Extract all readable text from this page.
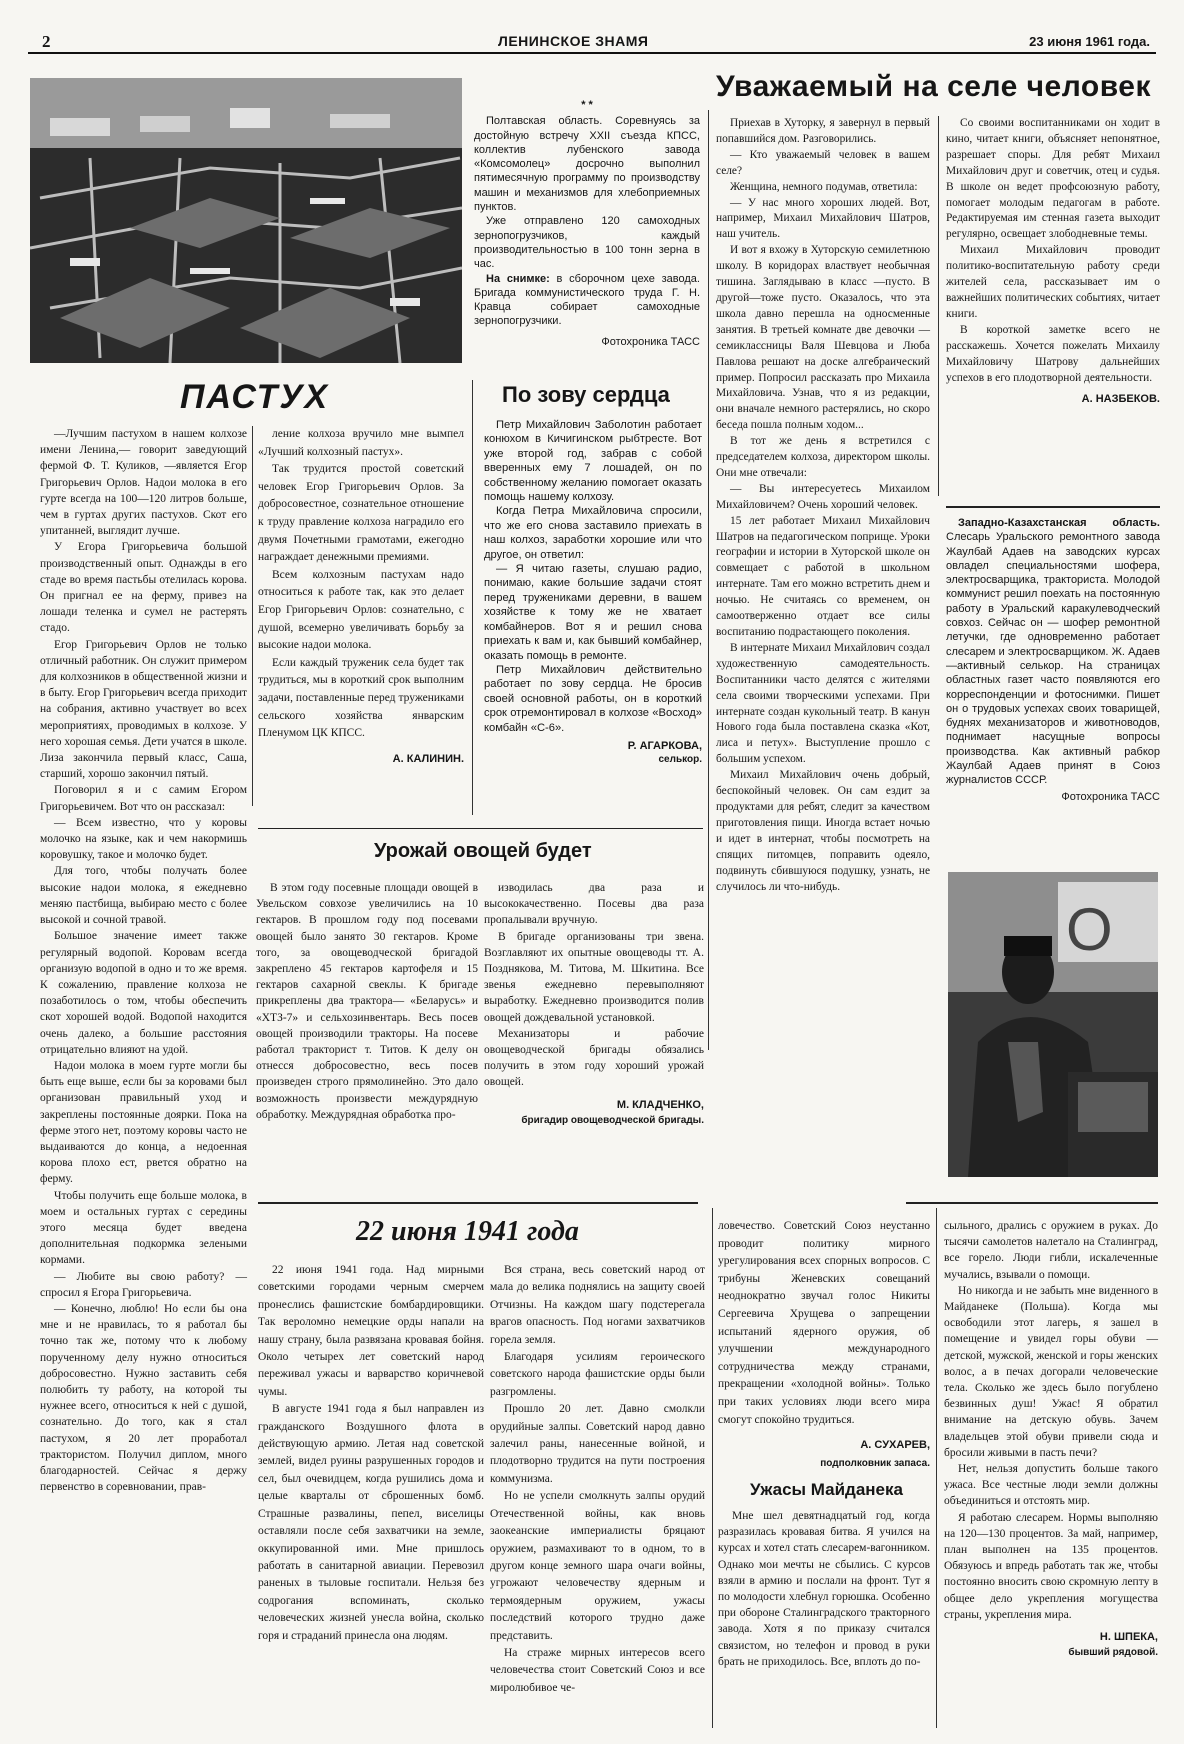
2	ЛЕНИНСКОЕ ЗНАМЯ	23 июня 1961 года.
* *

Полтавская область. Соревнуясь за достойную встречу XXII съезда КПСС, коллектив лубенского завода «Комсомолец» досрочно выполнил пятимесячную программу по производству машин и механизмов для хлебоприемных пунктов.

Уже отправлено 120 самоходных зернопогрузчиков, каждый производительностью в 100 тонн зерна в час.

На снимке: в сборочном цехе завода. Бригада коммунистического труда Г. Н. Кравца собирает самоходные зернопогрузчики.

Фотохроника ТАСС
Уважаемый на селе человек

Приехав в Хуторку, я завернул в первый попавшийся дом. Разговорились.

— Кто уважаемый человек в вашем селе?

Женщина, немного подумав, ответила:

— У нас много хороших людей. Вот, например, Михаил Михайлович Шатров, наш учитель.

И вот я вхожу в Хуторскую семилетнюю школу. В коридорах властвует необычная тишина. Заглядываю в класс —пусто. В другой—тоже пусто. Оказалось, что эта школа давно перешла на односменные занятия. В третьей комнате две девочки —семиклассницы Валя Шевцова и Люба Павлова решают на доске алгебраический пример. Попросил рассказать про Михаила Михайловича. Узнав, что я из редакции, они вначале немного растерялись, но скоро беседа пошла полным ходом...

В тот же день я встретился с председателем колхоза, директором школы. Они мне отвечали:

— Вы интересуетесь Михаилом Михайловичем? Очень хороший человек.

15 лет работает Михаил Михайлович Шатров на педагогическом поприще. Уроки географии и истории в Хуторской школе он совмещает с работой в школьном интернате. Там его можно встретить днем и ночью. Не считаясь со временем, он самоотверженно отдает все силы воспитанию подрастающего поколения.

В интернате Михаил Михайлович создал художественную самодеятельность. Воспитанники часто делятся с жителями села своими творческими успехами. При интернате создан кукольный театр. В канун Нового года была поставлена сказка «Кот, лиса и петух». Выступление прошло с большим успехом.

Михаил Михайлович очень добрый, беспокойный человек. Он сам ездит за продуктами для ребят, следит за качеством приготовления пищи. Иногда встает ночью и идет в интернат, чтобы посмотреть на спящих питомцев, поправить одеяло, подвинуть сбившуюся подушку, узнать, не случилось ли что-нибудь.

Со своими воспитанниками он ходит в кино, читает книги, объясняет непонятное, разрешает споры. Для ребят Михаил Михайлович друг и советчик, отец и судья. В школе он ведет профсоюзную работу, помогает молодым педагогам в работе. Редактируемая им стенная газета выходит регулярно, освещает злободневные темы.

Михаил Михайлович проводит политико-воспитательную работу среди жителей села, рассказывает им о важнейших политических событиях, читает книги.

В короткой заметке всего не расскажешь. Хочется пожелать Михаилу Михайловичу Шатрову дальнейших успехов в его плодотворной деятельности.

А. НАЗБЕКОВ.

Западно-Казахстанская область. Слесарь Уральского ремонтного завода Жаулбай Адаев на заводских курсах овладел специальностями шофера, электросварщика, тракториста. Молодой коммунист решил поехать на постоянную работу в Уральский каракулеводческий совхоз. Сейчас он — шофер ремонтной летучки, где одновременно работает слесарем и электросварщиком. Ж. Адаев—активный селькор. На страницах областных газет часто появляются его корреспонденции и фотоснимки. Пишет он о трудовых успехах своих товарищей, буднях механизаторов и животноводов, поднимает насущные вопросы производства. Как активный рабкор Жаулбай Адаев принят в Союз журналистов СССР.

Фотохроника ТАСС
О
ПАСТУХ

—Лучшим пастухом в нашем колхозе имени Ленина,— говорит заведующий фермой Ф. Т. Куликов, —является Егор Григорьевич Орлов. Надои молока в его гурте всегда на 100—120 литров больше, чем в гуртах других пастухов. Скот его упитанней, выглядит лучше.

У Егора Григорьевича большой производственный опыт. Однажды в его стаде во время пастьбы отелилась корова. Он пригнал ее на ферму, привез на лошади теленка и сумел не растерять стадо.

Егор Григорьевич Орлов не только отличный работник. Он служит примером для колхозников в общественной жизни и в быту. Егор Григорьевич всегда приходит на собрания, активно участвует во всех мероприятиях, проводимых в колхозе. У него хорошая семья. Дети учатся в школе. Лиза закончила первый класс, Саша, старший, хорошо закончил пятый.

Поговорил я и с самим Егором Григорьевичем. Вот что он рассказал:

— Всем известно, что у коровы молочко на языке, как и чем накормишь коровушку, такое и молочко будет.

Для того, чтобы получать более высокие надои молока, я ежедневно меняю пастбища, выбираю место с более высокой и сочной травой.

Большое значение имеет также регулярный водопой. Коровам всегда организую водопой в одно и то же время. К сожалению, правление колхоза не позаботилось о том, чтобы обеспечить скот хорошей водой. Водопой находится очень далеко, а большие расстояния отрицательно влияют на удой.

Надои молока в моем гурте могли бы быть еще выше, если бы за коровами был организован правильный уход и закреплены постоянные доярки. Пока на ферме этого нет, поэтому коровы часто не выдаиваются до конца, а недоенная корова плохо ест, рвется обратно на ферму.

Чтобы получить еще больше молока, в моем и остальных гуртах с середины этого месяца будет введена дополнительная подкормка зелеными кормами.

— Любите вы свою работу? — спросил я Егора Григорьевича.

— Конечно, люблю! Но если бы она мне и не нравилась, то я работал бы точно так же, потому что к любому порученному делу нужно относиться добросовестно. Нужно заставить себя полюбить ту работу, на которой ты нужнее всего, относиться к ней с душой, сознательно. До того, как я стал пастухом, я 20 лет проработал трактористом. Получил диплом, много благодарностей. Сейчас я держу первенство в соревновании, прав-

ление колхоза вручило мне вымпел «Лучший колхозный пастух».

Так трудится простой советский человек Егор Григорьевич Орлов. За добросовестное, сознательное отношение к труду правление колхоза наградило его двумя Почетными грамотами, ежегодно награждает денежными премиями.

Всем колхозным пастухам надо относиться к работе так, как это делает Егор Григорьевич Орлов: сознательно, с душой, всемерно увеличивать борьбу за высокие надои молока.

Если каждый труженик села будет так трудиться, мы в короткий срок выполним задачи, поставленные перед тружениками сельского хозяйства январским Пленумом ЦК КПСС.

А. КАЛИНИН.

По зову сердца

Петр Михайлович Заболотин работает конюхом в Кичигинском рыбтресте. Вот уже второй год, забрав с собой вверенных ему 7 лошадей, он по собственному желанию помогает оказать помощь нашему колхозу.

Когда Петра Михайловича спросили, что же его снова заставило приехать в наш колхоз, заработки хорошие или что другое, он ответил:

— Я читаю газеты, слушаю радио, понимаю, какие большие задачи стоят перед тружениками деревни, в вашем хозяйстве к тому же не хватает комбайнеров. Вот я и решил снова приехать к вам и, как бывший комбайнер, оказать помощь в ремонте.

Петр Михайлович действительно работает по зову сердца. Не бросив своей основной работы, он в короткий срок отремонтировал в колхозе «Восход» комбайн «С-6».

Р. АГАРКОВА,

селькор.

Урожай овощей будет

В этом году посевные площади овощей в Увельском совхозе увеличились на 10 гектаров. В прошлом году под посевами овощей было занято 30 гектаров. Кроме того, за овощеводческой бригадой закреплено 45 гектаров картофеля и 15 гектаров сахарной свеклы. К бригаде прикреплены два трактора— «Беларусь» и «ХТЗ-7» и сельхозинвентарь. Весь посев овощей производили тракторы. На посеве работал тракторист т. Титов. К делу он отнесся добросовестно, весь посев произведен строго прямолинейно. Это дало возможность произвести междурядную обработку. Междурядная обработка про-

изводилась два раза и высококачественно. Посевы два раза пропалывали вручную.

В бригаде организованы три звена. Возглавляют их опытные овощеводы тт. А. Позднякова, М. Титова, М. Шкитина. Все звенья ежедневно перевыполняют выработку. Ежедневно производится полив овощей дождевальной установкой.

Механизаторы и рабочие овощеводческой бригады обязались получить в этом году хороший урожай овощей.

М. КЛАДЧЕНКО,

бригадир овощеводческой бригады.

22 июня 1941 года

22 июня 1941 года. Над мирными советскими городами черным смерчем пронеслись фашистские бомбардировщики. Так вероломно немецкие орды напали на нашу страну, была развязана кровавая бойня. Около четырех лет советский народ переживал ужасы и варварство коричневой чумы.

В августе 1941 года я был направлен из гражданского Воздушного флота в действующую армию. Летая над советской землей, видел руины разрушенных городов и сел, был очевидцем, когда рушились дома и целые кварталы от сброшенных бомб. Страшные развалины, пепел, виселицы оставляли после себя захватчики на земле, оккупированной ими. Мне пришлось работать в санитарной авиации. Перевозил раненых в тыловые госпитали. Нельзя без содрогания вспоминать, сколько человеческих жизней унесла война, сколько горя и страданий принесла она людям.

Вся страна, весь советский народ от мала до велика поднялись на защиту своей Отчизны. На каждом шагу подстерегала врагов опасность. Под ногами захватчиков горела земля.

Благодаря усилиям героического советского народа фашистские орды были разгромлены.

Прошло 20 лет. Давно смолкли орудийные залпы. Советский народ давно залечил раны, нанесенные войной, и плодотворно трудится на пути построения коммунизма.

Но не успели смолкнуть залпы орудий Отечественной войны, как вновь заокеанские империалисты бряцают оружием, размахивают то в одном, то в другом конце земного шара очаги войны, угрожают человечеству ядерным и термоядерным оружием, ужасы последствий которого трудно даже представить.

На страже мирных интересов всего человечества стоит Советский Союз и все миролюбивое че-

ловечество. Советский Союз неустанно проводит политику мирного урегулирования всех спорных вопросов. С трибуны Женевских совещаний неоднократно звучал голос Никиты Сергеевича Хрущева о запрещении испытаний ядерного оружия, об улучшении международного сотрудничества между странами, прекращении «холодной войны». Только при таких условиях люди всего мира смогут спокойно трудиться.

А. СУХАРЕВ,

подполковник запаса.

Ужасы Майданека

Мне шел девятнадцатый год, когда разразилась кровавая битва. Я учился на курсах и хотел стать слесарем-вагонником. Однако мои мечты не сбылись. С курсов взяли в армию и послали на фронт. Тут я по молодости хлебнул горюшка. Особенно при обороне Сталинградского тракторного завода. Хотя я по приказу считался связистом, но телефон и провод в руки брать не приходилось. Все, вплоть до по-

сыльного, дрались с оружием в руках. До тысячи самолетов налетало на Сталинград, все горело. Люди гибли, искалеченные мучались, взывали о помощи.

Но никогда и не забыть мне виденного в Майданеке (Польша). Когда мы освободили этот лагерь, я зашел в помещение и увидел горы обуви — детской, мужской, женской и горы женских волос, а в печах догорали человеческие тела. Сколько же здесь было погублено безвинных душ! Ужас! Я обратил внимание на детскую обувь. Зачем владельцев этой обуви привели сюда и бросили живыми в пасть печи?

Нет, нельзя допустить больше такого ужаса. Все честные люди земли должны объединиться и отстоять мир.

Я работаю слесарем. Нормы выполняю на 120—130 процентов. За май, например, план выполнен на 135 процентов. Обязуюсь и впредь работать так же, чтобы постоянно вносить свою скромную лепту в общее дело укрепления могущества страны, укрепления мира.

Н. ШПЕКА,

бывший рядовой.
